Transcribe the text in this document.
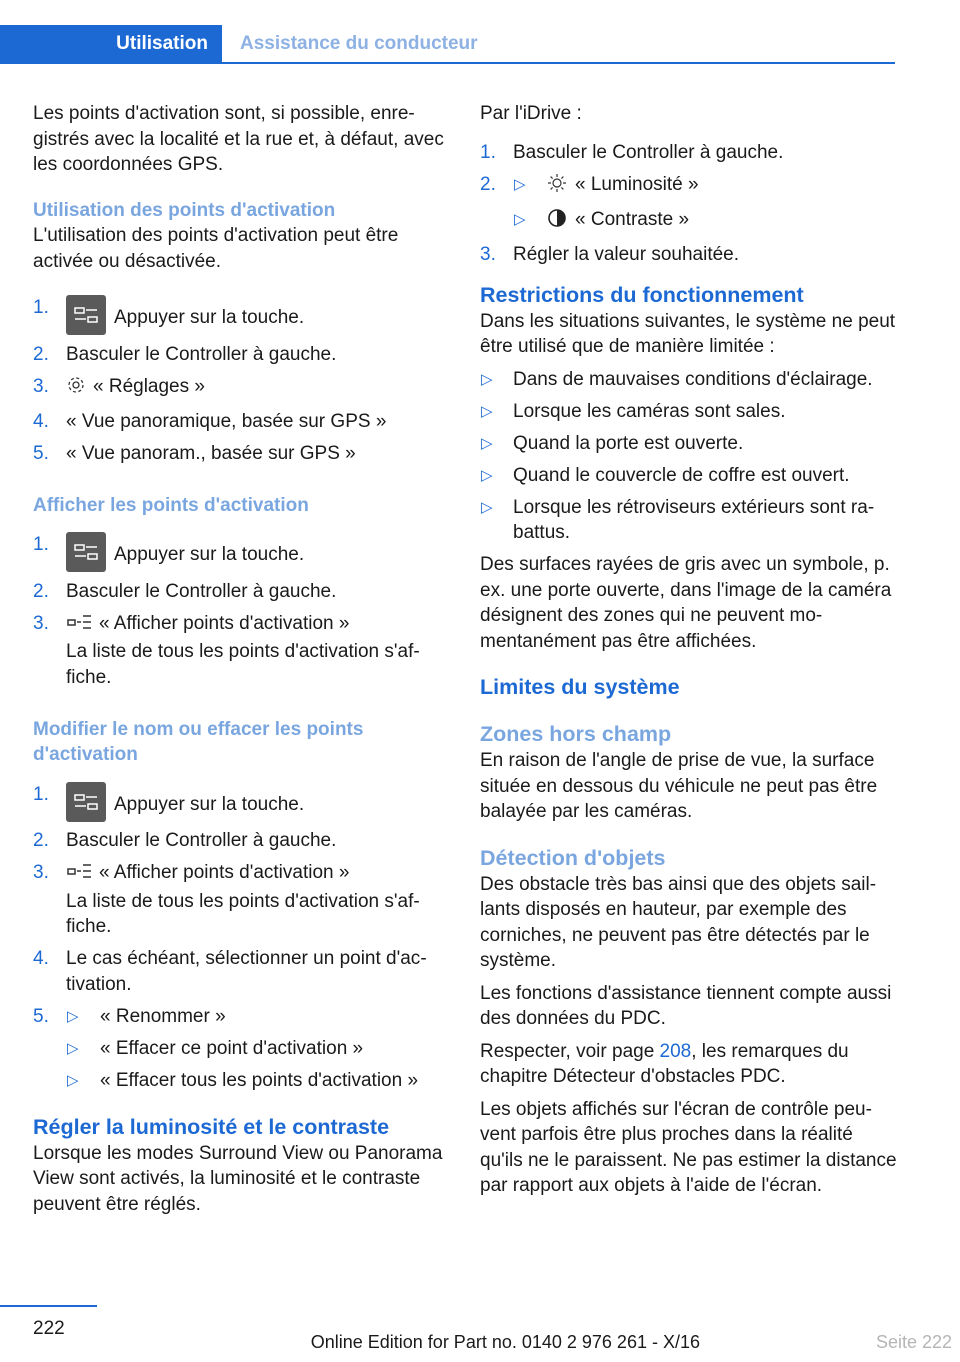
Utilisation	Assistance du conducteur

Les points d'activation sont, si possible, enregistrés avec la localité et la rue et, à défaut, avec les coordonnées GPS.

Utilisation des points d'activation

L'utilisation des points d'activation peut être activée ou désactivée.

1.	Appuyer sur la touche.
2. Basculer le Controller à gauche.
3. « Réglages »
4. « Vue panoramique, basée sur GPS »
5. « Vue panoram., basée sur GPS »
Afficher les points d'activation
1.	Appuyer sur la touche.
2. Basculer le Controller à gauche.
3.	« Afficher points d'activation »
La liste de tous les points d'activation s'affiche.
Modifier le nom ou effacer les points d'activation
1.	Appuyer sur la touche.
2. Basculer le Controller à gauche.
3.	« Afficher points d'activation »
La liste de tous les points d'activation s'affiche.
4. Le cas échéant, sélectionner un point d'activation.
5. ▷ « Renommer »
▷ « Effacer ce point d'activation »
▷ « Effacer tous les points d'activation »
Régler la luminosité et le contraste

Lorsque les modes Surround View ou Panorama View sont activés, la luminosité et le contraste peuvent être réglés.

Par l'iDrive :

1. Basculer le Controller à gauche.
2. ▷	« Luminosité »
▷	« Contraste »
3. Régler la valeur souhaitée.
Restrictions du fonctionnement

Dans les situations suivantes, le système ne peut être utilisé que de manière limitée :

▷ Dans de mauvaises conditions d'éclairage.
▷ Lorsque les caméras sont sales.
▷ Quand la porte est ouverte.
▷ Quand le couvercle de coffre est ouvert.
▷ Lorsque les rétroviseurs extérieurs sont rabattus.

Des surfaces rayées de gris avec un symbole, p. ex. une porte ouverte, dans l'image de la caméra désignent des zones qui ne peuvent momentanément pas être affichées.

Limites du système
Zones hors champ

En raison de l'angle de prise de vue, la surface située en dessous du véhicule ne peut pas être balayée par les caméras.

Détection d'objets

Des obstacle très bas ainsi que des objets saillants disposés en hauteur, par exemple des corniches, ne peuvent pas être détectés par le système.

Les fonctions d'assistance tiennent compte aussi des données du PDC.

Respecter, voir page 208, les remarques du chapitre Détecteur d'obstacles PDC.

Les objets affichés sur l'écran de contrôle peuvent parfois être plus proches dans la réalité qu'ils ne le paraissent. Ne pas estimer la distance par rapport aux objets à l'aide de l'écran.

222
Online Edition for Part no. 0140 2 976 261 - X/16	Seite 222
